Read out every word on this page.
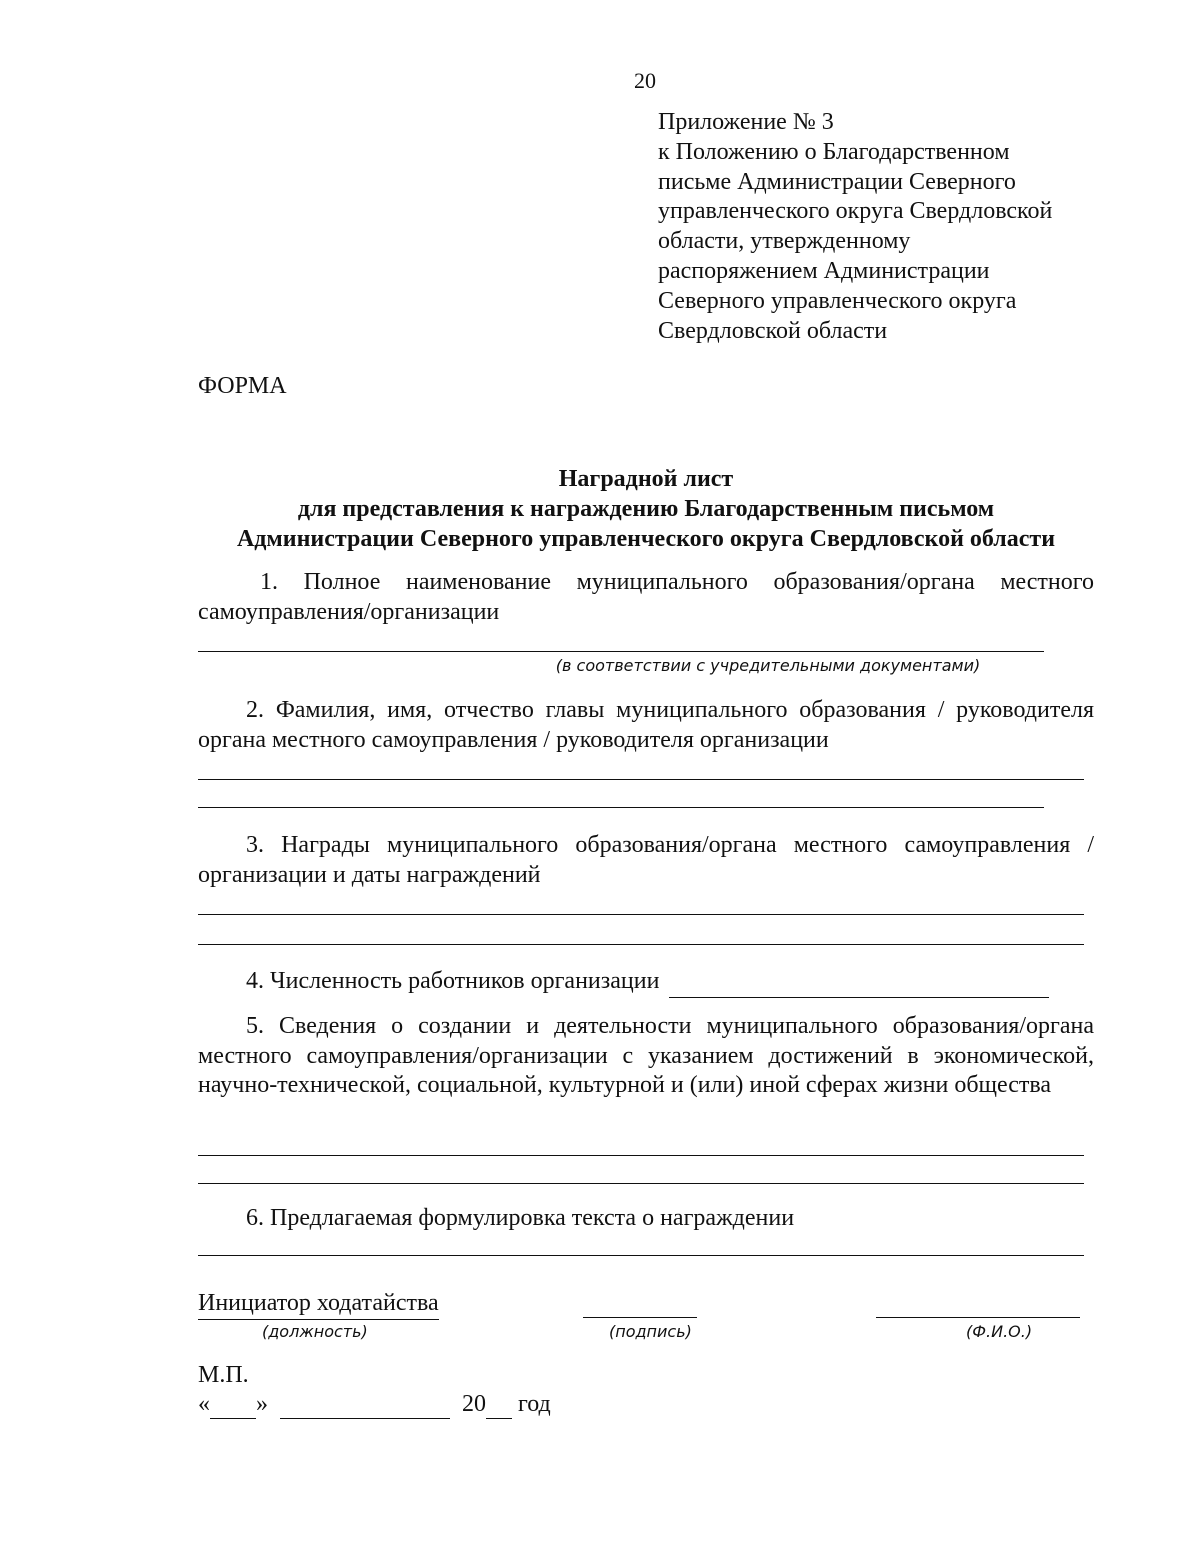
20
Приложение № 3
к Положению о Благодарственном
письме Администрации Северного
управленческого округа Свердловской
области, утвержденному
распоряжением Администрации
Северного управленческого округа
Свердловской области
ФОРМА
Наградной лист
для представления к награждению Благодарственным письмом
Администрации Северного управленческого округа Свердловской области
1. Полное наименование муниципального образования/органа местного самоуправления/организации
(в соответствии с учредительными документами)
2. Фамилия, имя, отчество главы муниципального образования / руководителя органа местного самоуправления / руководителя организации
3. Награды муниципального образования/органа местного самоуправления / организации и даты награждений
4. Численность работников организации
5. Сведения о создании и деятельности муниципального образования/органа местного самоуправления/организации с указанием достижений в экономической, научно-технической, социальной, культурной и (или) иной сферах жизни общества
6. Предлагаемая формулировка текста о награждении
Инициатор ходатайства
(должность)	(подпись)	(Ф.И.О.)
М.П.
« »	20 год
